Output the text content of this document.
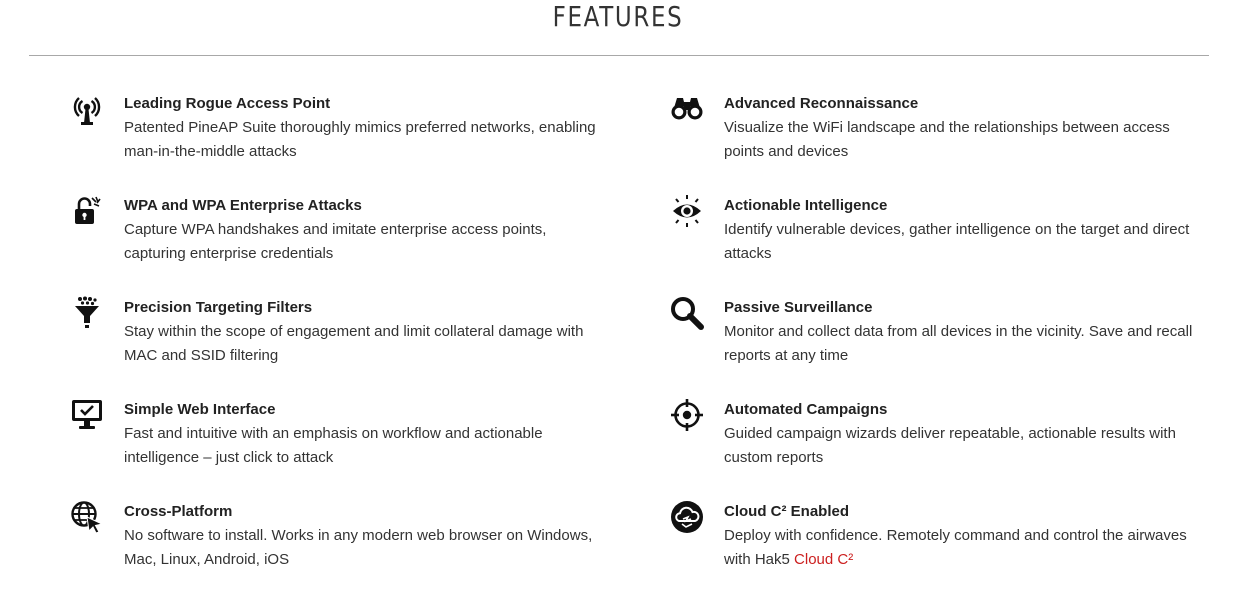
FEATURES
Leading Rogue Access Point

Patented PineAP Suite thoroughly mimics preferred networks, enabling man-in-the-middle attacks

WPA and WPA Enterprise Attacks

Capture WPA handshakes and imitate enterprise access points, capturing enterprise credentials

Precision Targeting Filters

Stay within the scope of engagement and limit collateral damage with MAC and SSID filtering

Simple Web Interface

Fast and intuitive with an emphasis on workflow and actionable intelligence – just click to attack

Cross-Platform

No software to install. Works in any modern web browser on Windows, Mac, Linux, Android, iOS

Advanced Reconnaissance

Visualize the WiFi landscape and the relationships between access points and devices

Actionable Intelligence

Identify vulnerable devices, gather intelligence on the target and direct attacks

Passive Surveillance

Monitor and collect data from all devices in the vicinity. Save and recall reports at any time

Automated Campaigns

Guided campaign wizards deliver repeatable, actionable results with custom reports

Cloud C² Enabled

Deploy with confidence. Remotely command and control the airwaves with Hak5 Cloud C²
